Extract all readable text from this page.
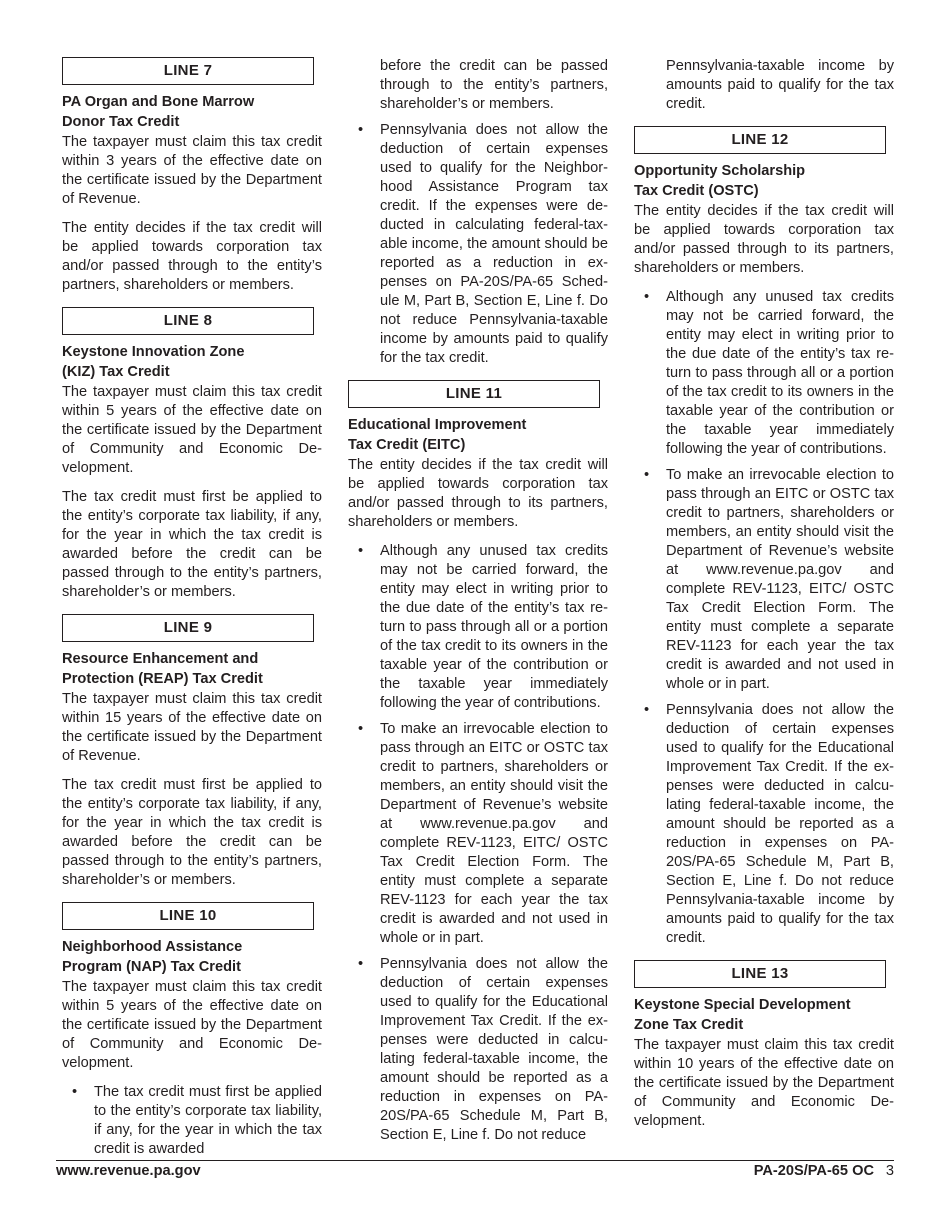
LINE 7
PA Organ and Bone Marrow
Donor Tax Credit

The taxpayer must claim this tax credit within 3 years of the effective date on the certificate issued by the Department of Revenue.

The entity decides if the tax credit will be applied towards corporation tax and/or passed through to the entity’s partners, shareholders or members.

LINE 8
Keystone Innovation Zone
(KIZ) Tax Credit

The taxpayer must claim this tax credit within 5 years of the effective date on the certificate issued by the Department of Community and Economic Development.

The tax credit must first be applied to the entity’s corporate tax liability, if any, for the year in which the tax credit is awarded before the credit can be passed through to the entity’s partners, shareholder’s or members.

LINE 9
Resource Enhancement and
Protection (REAP) Tax Credit

The taxpayer must claim this tax credit within 15 years of the effective date on the certificate issued by the Department of Revenue.

The tax credit must first be applied to the entity’s corporate tax liability, if any, for the year in which the tax credit is awarded before the credit can be passed through to the entity’s partners, shareholder’s or members.

LINE 10
Neighborhood Assistance
Program (NAP) Tax Credit

The taxpayer must claim this tax credit within 5 years of the effective date on the certificate issued by the Department of Community and Economic Development.

• The tax credit must first be applied to the entity’s corporate tax liability, if any, for the year in which the tax credit is awarded
before the credit can be passed through to the entity’s partners, shareholder’s or members.
• Pennsylvania does not allow the deduction of certain expenses used to qualify for the Neighborhood Assistance Program tax credit. If the expenses were deducted in calculating federal-taxable income, the amount should be reported as a reduction in expenses on PA-20S/PA-65 Schedule M, Part B, Section E, Line f. Do not reduce Pennsylvania-taxable income by amounts paid to qualify for the tax credit.
LINE 11
Educational Improvement
Tax Credit (EITC)

The entity decides if the tax credit will be applied towards corporation tax and/or passed through to its partners, shareholders or members.

• Although any unused tax credits may not be carried forward, the entity may elect in writing prior to the due date of the entity’s tax return to pass through all or a portion of the tax credit to its owners in the taxable year of the contribution or the taxable year immediately following the year of contributions.
• To make an irrevocable election to pass through an EITC or OSTC tax credit to partners, shareholders or members, an entity should visit the Department of Revenue’s website at www.revenue.pa.gov and complete REV-1123, EITC/ OSTC Tax Credit Election Form. The entity must complete a separate REV-1123 for each year the tax credit is awarded and not used in whole or in part.
• Pennsylvania does not allow the deduction of certain expenses used to qualify for the Educational Improvement Tax Credit. If the expenses were deducted in calculating federal-taxable income, the amount should be reported as a reduction in expenses on PA-20S/PA-65 Schedule M, Part B, Section E, Line f. Do not reduce
Pennsylvania-taxable income by amounts paid to qualify for the tax credit.
LINE 12
Opportunity Scholarship
Tax Credit (OSTC)

The entity decides if the tax credit will be applied towards corporation tax and/or passed through to its partners, shareholders or members.

• Although any unused tax credits may not be carried forward, the entity may elect in writing prior to the due date of the entity’s tax return to pass through all or a portion of the tax credit to its owners in the taxable year of the contribution or the taxable year immediately following the year of contributions.
• To make an irrevocable election to pass through an EITC or OSTC tax credit to partners, shareholders or members, an entity should visit the Department of Revenue’s website at www.revenue.pa.gov and complete REV-1123, EITC/ OSTC Tax Credit Election Form. The entity must complete a separate REV-1123 for each year the tax credit is awarded and not used in whole or in part.
• Pennsylvania does not allow the deduction of certain expenses used to qualify for the Educational Improvement Tax Credit. If the expenses were deducted in calculating federal-taxable income, the amount should be reported as a reduction in expenses on PA-20S/PA-65 Schedule M, Part B, Section E, Line f. Do not reduce Pennsylvania-taxable income by amounts paid to qualify for the tax credit.
LINE 13
Keystone Special Development
Zone Tax Credit

The taxpayer must claim this tax credit within 10 years of the effective date on the certificate issued by the Department of Community and Economic Development.

www.revenue.pa.gov	PA-20S/PA-65 OC 3
